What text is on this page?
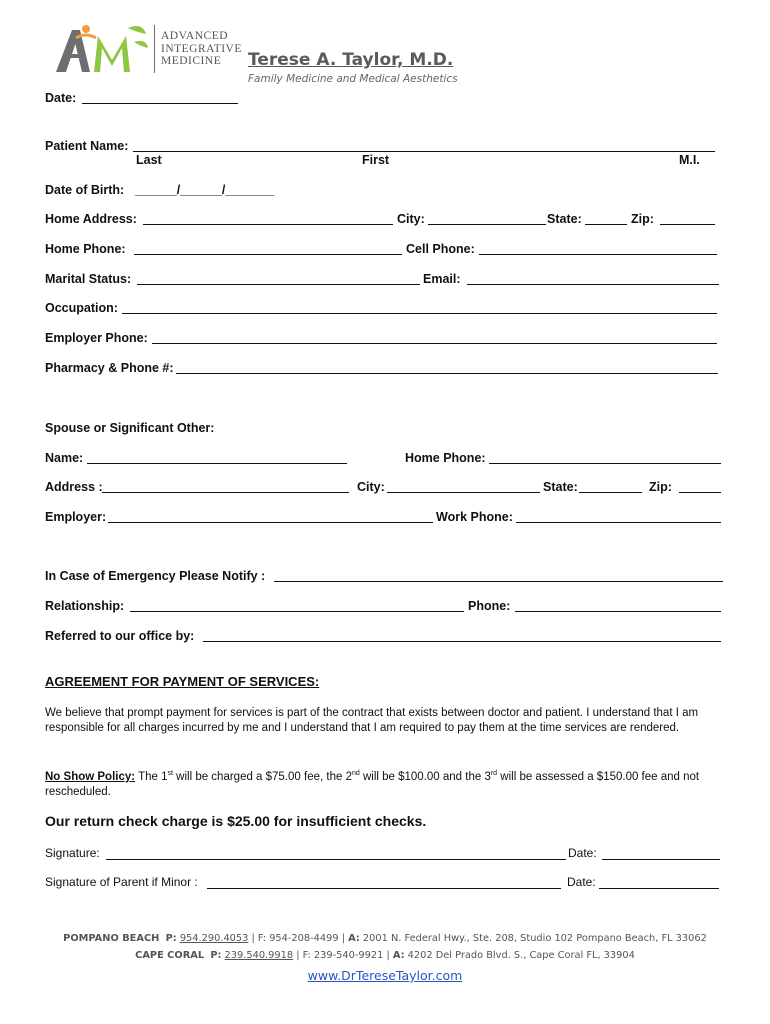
ADVANCED
INTEGRATIVE
MEDICINE	Terese A. Taylor, M.D.
Family Medicine and Medical Aesthetics
Date:
Patient Name:
Last	First	M.I.
Date of Birth: ______/______/_______
Home Address:	City:	State:	Zip:
Home Phone:	Cell Phone:
Marital Status:	Email:
Occupation:
Employer Phone:
Pharmacy & Phone #:
Spouse or Significant Other:
Name:	Home Phone:
Address :	City:	State:	Zip:
Employer:	Work Phone:
In Case of Emergency Please Notify :
Relationship:	Phone:
Referred to our office by:
AGREEMENT FOR PAYMENT OF SERVICES:
We believe that prompt payment for services is part of the contract that exists between doctor and patient. I understand that I am responsible for all charges incurred by me and I understand that I am required to pay them at the time services are rendered.
No Show Policy: The 1st will be charged a $75.00 fee, the 2nd will be $100.00 and the 3rd will be assessed a $150.00 fee and not rescheduled.
Our return check charge is $25.00 for insufficient checks.
Signature:	Date:
Signature of Parent if Minor :	Date:
POMPANO BEACH P: 954.290.4053 | F: 954-208-4499 | A: 2001 N. Federal Hwy., Ste. 208, Studio 102 Pompano Beach, FL 33062
CAPE CORAL P: 239.540.9918 | F: 239-540-9921 | A: 4202 Del Prado Blvd. S., Cape Coral FL, 33904
www.DrTereseTaylor.com
